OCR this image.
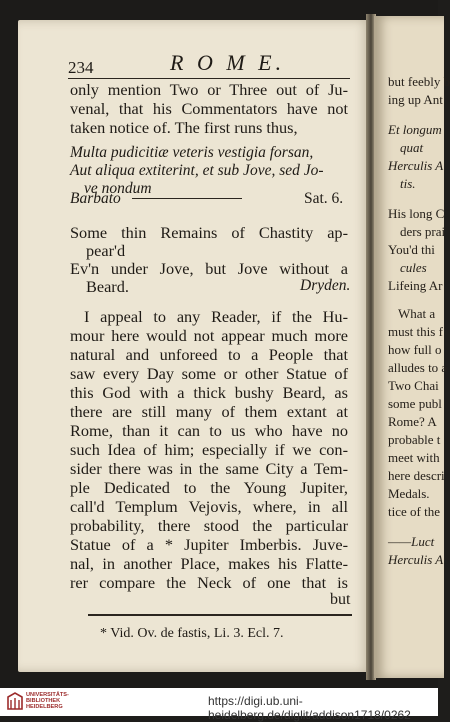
234	R O M E.
only mention Two or Three out of Ju-
venal, that his Commentators have not
taken notice of. The first runs thus,
Multa pudicitiæ veteris vestigia forsan,
Aut aliqua extiterint, et sub Jove, sed Jo-
ve nondum
Barbato	Sat. 6.
Some thin Remains of Chastity ap-
pear'd
Ev'n under Jove, but Jove without a
Beard.	Dryden.
I appeal to any Reader, if the Hu-
mour here would not appear much more
natural and unforeed to a People that
saw every Day some or other Statue of
this God with a thick bushy Beard, as
there are still many of them extant at
Rome, than it can to us who have no
such Idea of him; especially if we con-
sider there was in the same City a Tem-
ple Dedicated to the Young Jupiter,
call'd Templum Vejovis, where, in all
probability, there stood the particular
Statue of a * Jupiter Imberbis. Juve-
nal, in another Place, makes his Flatte-
rer compare the Neck of one that is
but
* Vid. Ov. de fastis, Li. 3. Ecl. 7.
but feebly b
ing up Ant
Et longum
quat
Herculis A
tis.
His long C
ders prai
You'd thi
cules
Lifeing Ar
What a
must this f
how full o
alludes to a
Two Chai
some publ
Rome? A
probable t
meet with
here descri
Medals.
tice of the
——Luct
Herculis A
UNIVERSITÄTS-
BIBLIOTHEK
HEIDELBERG	https://digi.ub.uni-heidelberg.de/diglit/addison1718/0262
